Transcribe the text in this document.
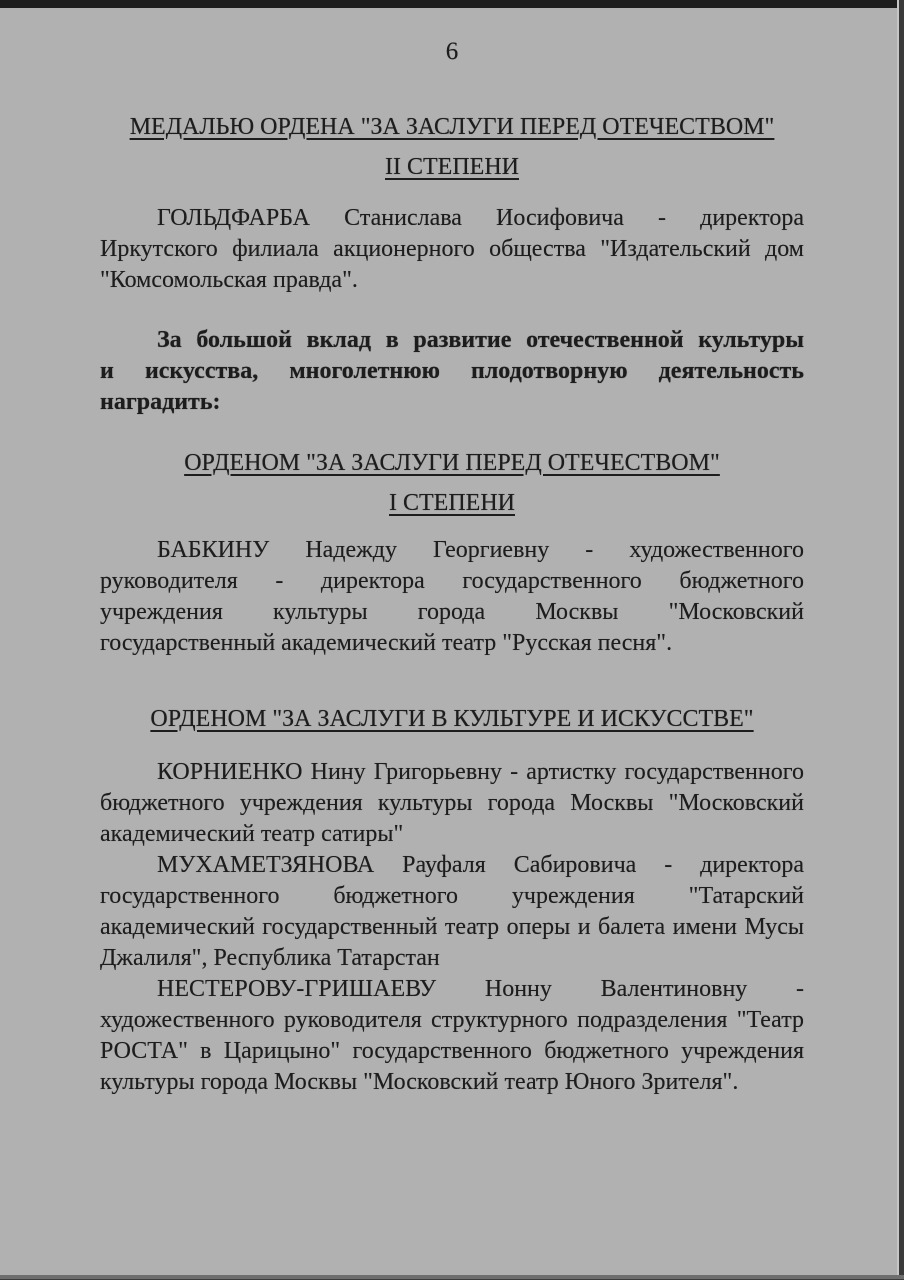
6
МЕДАЛЬЮ ОРДЕНА "ЗА ЗАСЛУГИ ПЕРЕД ОТЕЧЕСТВОМ"
II СТЕПЕНИ

ГОЛЬДФАРБА Станислава Иосифовича - директора Иркутского филиала акционерного общества "Издательский дом "Комсомольская правда".

За большой вклад в развитие отечественной культуры и искусства, многолетнюю плодотворную деятельность наградить:

ОРДЕНОМ "ЗА ЗАСЛУГИ ПЕРЕД ОТЕЧЕСТВОМ"
I СТЕПЕНИ

БАБКИНУ Надежду Георгиевну - художественного руководителя - директора государственного бюджетного учреждения культуры города Москвы "Московский государственный академический театр "Русская песня".

ОРДЕНОМ "ЗА ЗАСЛУГИ В КУЛЬТУРЕ И ИСКУССТВЕ"

КОРНИЕНКО Нину Григорьевну - артистку государственного бюджетного учреждения культуры города Москвы "Московский академический театр сатиры"

МУХАМЕТЗЯНОВА Рауфаля Сабировича - директора государственного бюджетного учреждения "Татарский академический государственный театр оперы и балета имени Мусы Джалиля", Республика Татарстан

НЕСТЕРОВУ-ГРИШАЕВУ Нонну Валентиновну - художественного руководителя структурного подразделения "Театр РОСТА" в Царицыно" государственного бюджетного учреждения культуры города Москвы "Московский театр Юного Зрителя".
